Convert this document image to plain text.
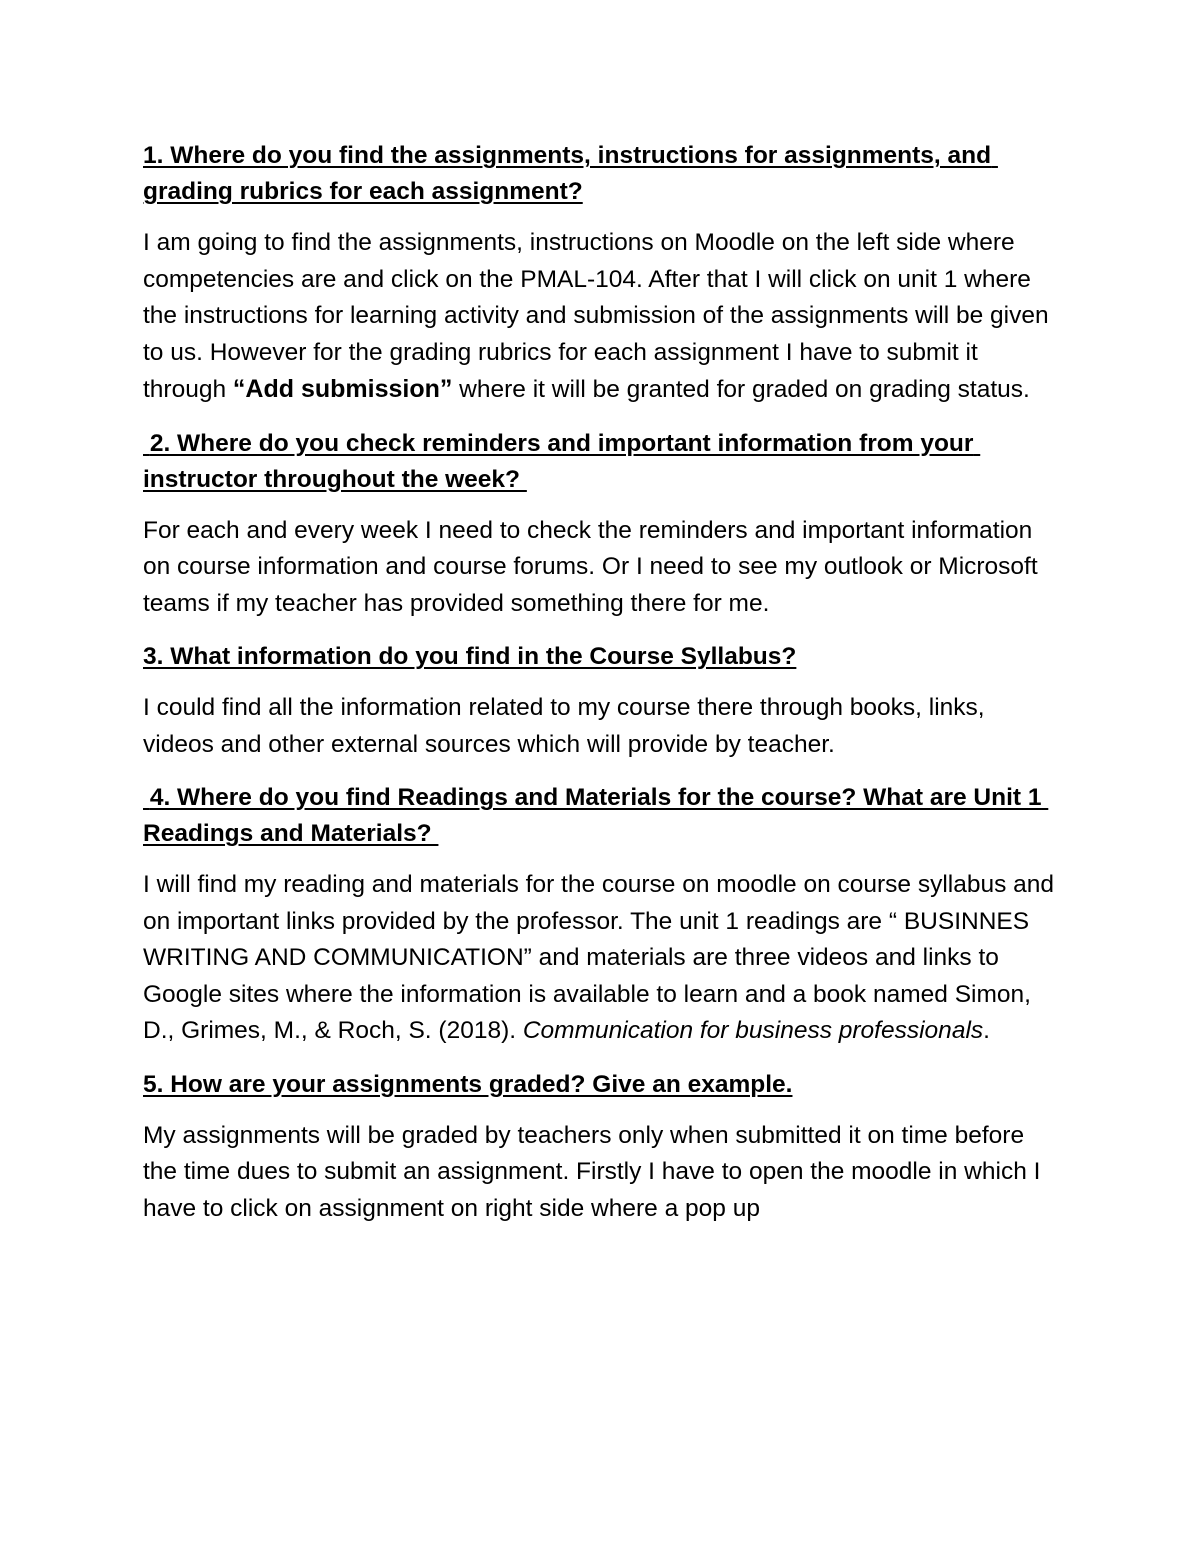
1. Where do you find the assignments, instructions for assignments, and grading rubrics for each assignment?

I am going to find the assignments, instructions on Moodle on the left side where competencies are and click on the PMAL-104. After that I will click on unit 1 where the instructions for learning activity and submission of the assignments will be given to us. However for the grading rubrics for each assignment I have to submit it through “Add submission” where it will be granted for graded on grading status.

2. Where do you check reminders and important information from your instructor throughout the week?

For each and every week I need to check the reminders and important information on course information and course forums. Or I need to see my outlook or Microsoft teams if my teacher has provided something there for me.

3. What information do you find in the Course Syllabus?

I could find all the information related to my course there through books, links, videos and other external sources which will provide by teacher.

4. Where do you find Readings and Materials for the course? What are Unit 1 Readings and Materials?

I will find my reading and materials for the course on moodle on course syllabus and on important links provided by the professor. The unit 1 readings are “ BUSINNES WRITING AND COMMUNICATION” and materials are three videos and links to Google sites where the information is available to learn and a book named Simon, D., Grimes, M., & Roch, S. (2018). Communication for business professionals.

5. How are your assignments graded? Give an example.

My assignments will be graded by teachers only when submitted it on time before the time dues to submit an assignment. Firstly I have to open the moodle in which I have to click on assignment on right side where a pop up
